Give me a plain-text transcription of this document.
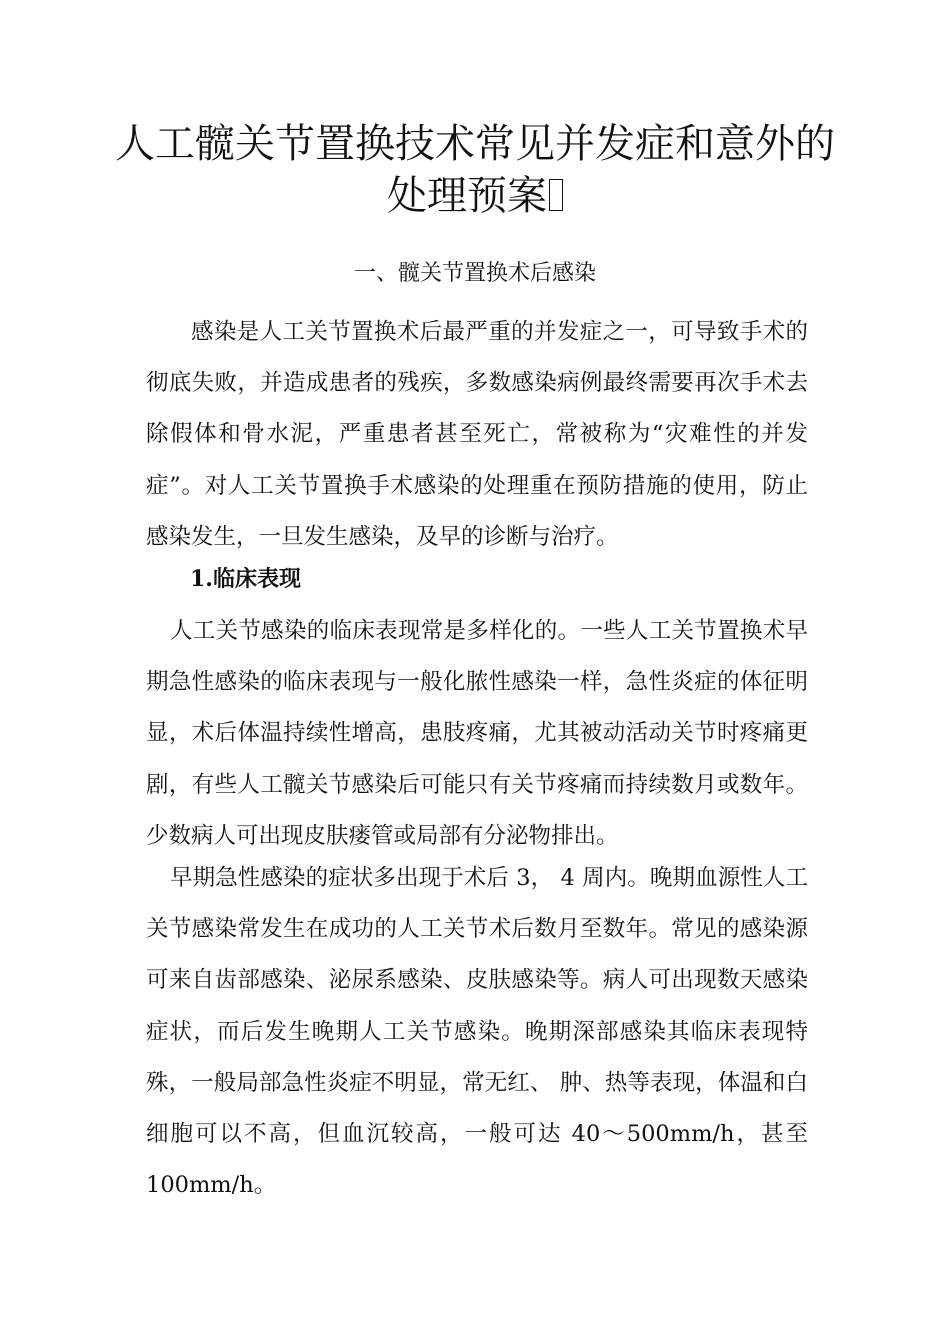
人工髋关节置换技术常见并发症和意外的
处理预案
一、髋关节置换术后感染

感染是人工关节置换术后最严重的并发症之一，可导致手术的彻底失败，并造成患者的残疾，多数感染病例最终需要再次手术去除假体和骨水泥，严重患者甚至死亡，常被称为“灾难性的并发症”。对人工关节置换手术感染的处理重在预防措施的使用，防止感染发生，一旦发生感染，及早的诊断与治疗。

1.临床表现

人工关节感染的临床表现常是多样化的。一些人工关节置换术早期急性感染的临床表现与一般化脓性感染一样，急性炎症的体征明显，术后体温持续性增高，患肢疼痛，尤其被动活动关节时疼痛更剧，有些人工髋关节感染后可能只有关节疼痛而持续数月或数年。少数病人可出现皮肤瘘管或局部有分泌物排出。

早期急性感染的症状多出现于术后 3， 4 周内。晚期血源性人工关节感染常发生在成功的人工关节术后数月至数年。常见的感染源可来自齿部感染、泌尿系感染、皮肤感染等。病人可出现数天感染症状，而后发生晚期人工关节感染。晚期深部感染其临床表现特殊，一般局部急性炎症不明显，常无红、 肿、热等表现，体温和白细胞可以不高，但血沉较高，一般可达 40〜500mm/h，甚至100mm/h。
